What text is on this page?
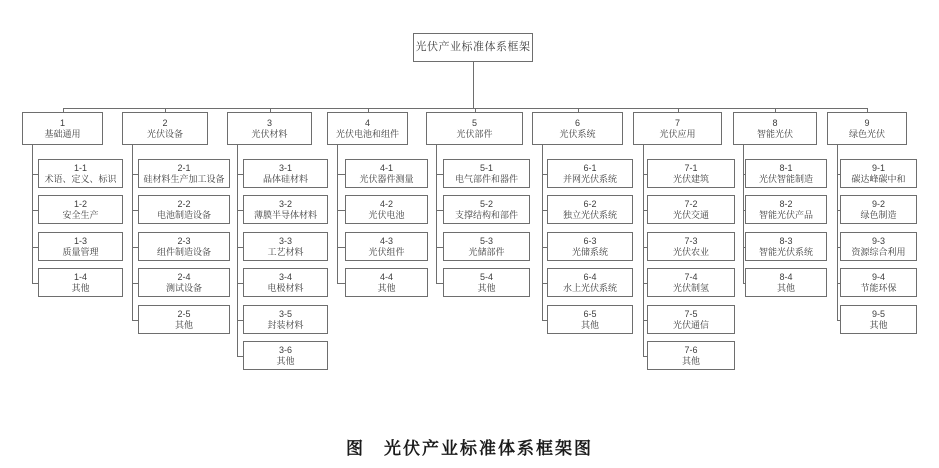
光伏产业标准体系框架
1
基础通用
1-1
术语、定义、标识
1-2
安全生产
1-3
质量管理
1-4
其他
2
光伏设备
2-1
硅材料生产加工设备
2-2
电池制造设备
2-3
组件制造设备
2-4
测试设备
2-5
其他
3
光伏材料
3-1
晶体硅材料
3-2
薄膜半导体材料
3-3
工艺材料
3-4
电极材料
3-5
封装材料
3-6
其他
4
光伏电池和组件
4-1
光伏器件测量
4-2
光伏电池
4-3
光伏组件
4-4
其他
5
光伏部件
5-1
电气部件和器件
5-2
支撑结构和部件
5-3
光储部件
5-4
其他
6
光伏系统
6-1
并网光伏系统
6-2
独立光伏系统
6-3
光储系统
6-4
水上光伏系统
6-5
其他
7
光伏应用
7-1
光伏建筑
7-2
光伏交通
7-3
光伏农业
7-4
光伏制氢
7-5
光伏通信
7-6
其他
8
智能光伏
8-1
光伏智能制造
8-2
智能光伏产品
8-3
智能光伏系统
8-4
其他
9
绿色光伏
9-1
碳达峰碳中和
9-2
绿色制造
9-3
资源综合利用
9-4
节能环保
9-5
其他
图　光伏产业标准体系框架图
